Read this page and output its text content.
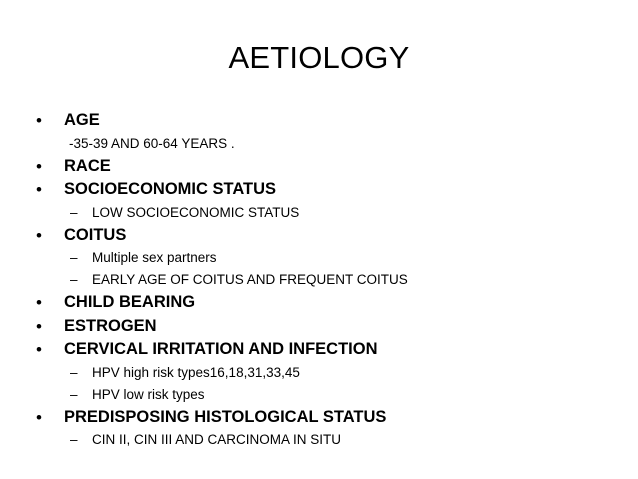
AETIOLOGY
• AGE
-35-39 AND 60-64 YEARS .
• RACE
• SOCIOECONOMIC STATUS
– LOW SOCIOECONOMIC STATUS
• COITUS
– Multiple sex partners
– EARLY AGE OF COITUS AND FREQUENT COITUS
• CHILD BEARING
• ESTROGEN
• CERVICAL IRRITATION AND INFECTION
– HPV high risk types16,18,31,33,45
– HPV low risk types
• PREDISPOSING HISTOLOGICAL STATUS
– CIN II, CIN III AND CARCINOMA IN SITU
